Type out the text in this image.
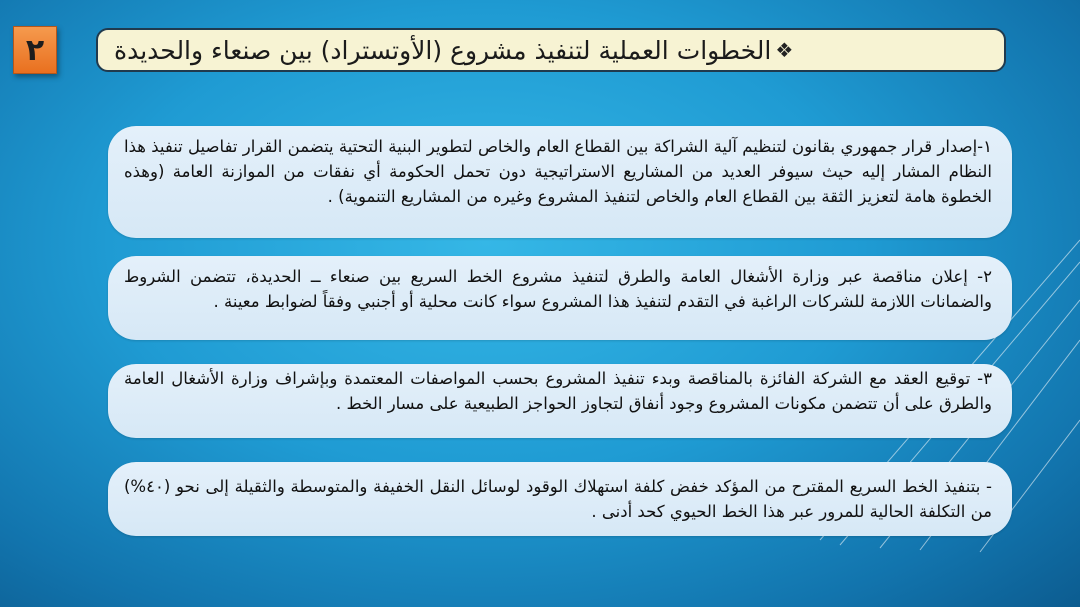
٢	❖
الخطوات العملية لتنفيذ مشروع (الأوتستراد) بين صنعاء والحديدة
١-إصدار قرار جمهوري بقانون لتنظيم آلية الشراكة بين القطاع العام والخاص لتطوير البنية التحتية يتضمن القرار تفاصيل تنفيذ هذا النظام المشار إليه حيث سيوفر العديد من المشاريع الاستراتيجية دون تحمل الحكومة أي نفقات من الموازنة العامة (وهذه الخطوة هامة لتعزيز الثقة بين القطاع العام والخاص لتنفيذ المشروع وغيره من المشاريع التنموية) .
٢- إعلان مناقصة عبر وزارة الأشغال العامة والطرق لتنفيذ مشروع الخط السريع بين صنعاء ــ الحديدة، تتضمن الشروط والضمانات اللازمة للشركات الراغبة في التقدم لتنفيذ هذا المشروع سواء كانت محلية أو أجنبي وفقاً لضوابط معينة .
٣- توقيع العقد مع الشركة الفائزة بالمناقصة وبدء تنفيذ المشروع بحسب المواصفات المعتمدة وبإشراف وزارة الأشغال العامة والطرق على أن تتضمن مكونات المشروع وجود أنفاق لتجاوز الحواجز الطبيعية على مسار الخط .
- بتنفيذ الخط السريع المقترح من المؤكد خفض كلفة استهلاك الوقود لوسائل النقل الخفيفة والمتوسطة والثقيلة إلى نحو (٤٠%) من التكلفة الحالية للمرور عبر هذا الخط الحيوي كحد أدنى .
